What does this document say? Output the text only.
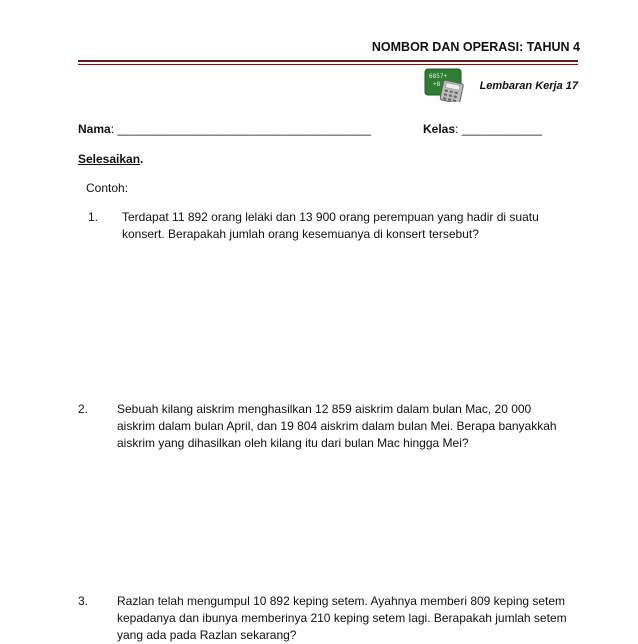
NOMBOR DAN OPERASI: TAHUN 4
6857+
+8	Lembaran Kerja 17
Nama: ______________________________________	Kelas: ____________
Selesaikan.
Contoh:
1.	Terdapat 11 892 orang lelaki dan 13 900 orang perempuan yang hadir di suatu konsert. Berapakah jumlah orang kesemuanya di konsert tersebut?
2.	Sebuah kilang aiskrim menghasilkan 12 859 aiskrim dalam bulan Mac, 20 000 aiskrim dalam bulan April, dan 19 804 aiskrim dalam bulan Mei. Berapa banyakkah aiskrim yang dihasilkan oleh kilang itu dari bulan Mac hingga Mei?
3.	Razlan telah mengumpul 10 892 keping setem. Ayahnya memberi 809 keping setem kepadanya dan ibunya memberinya 210 keping setem lagi. Berapakah jumlah setem yang ada pada Razlan sekarang?
